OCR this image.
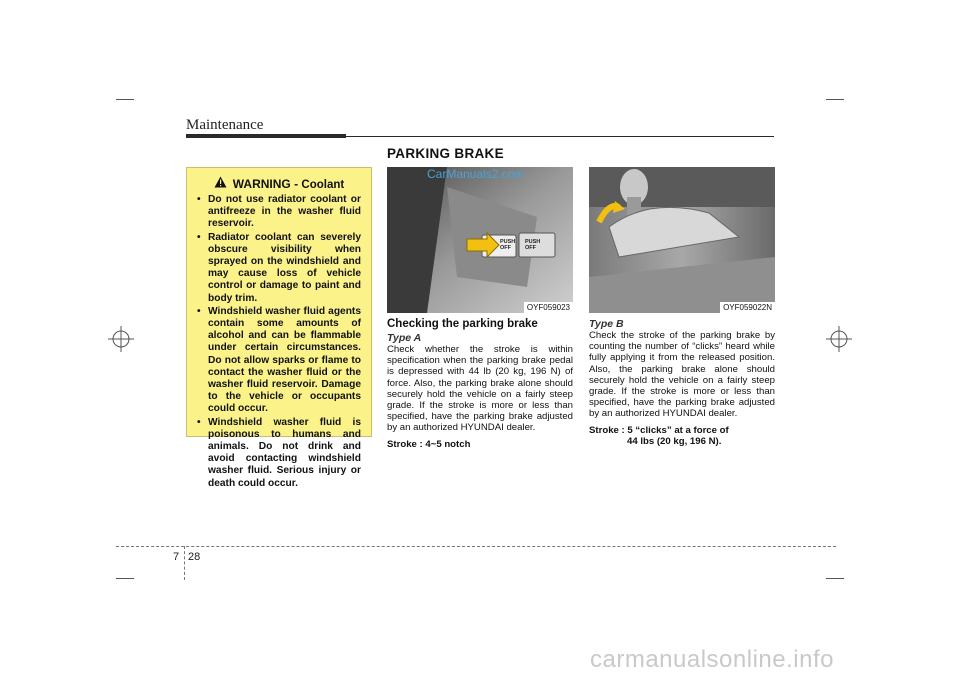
Maintenance
PARKING BRAKE
WARNING - Coolant
• Do not use radiator coolant or antifreeze in the washer fluid reservoir.
• Radiator coolant can severely obscure visibility when sprayed on the windshield and may cause loss of vehicle control or damage to paint and body trim.
• Windshield washer fluid agents contain some amounts of alcohol and can be flammable under certain circumstances. Do not allow sparks or flame to contact the washer fluid or the washer fluid reservoir. Damage to the vehicle or occupants could occur.
• Windshield washer fluid is poisonous to humans and animals. Do not drink and avoid contacting windshield washer fluid. Serious injury or death could occur.
CarManuals2.com
PUSH OFF
PUSH OFF
OYF059023	OYF059022N
Checking the parking brake
Type A
Check whether the stroke is within specification when the parking brake pedal is depressed with 44 lb (20 kg, 196 N) of force. Also, the parking brake alone should securely hold the vehicle on a fairly steep grade. If the stroke is more or less than specified, have the parking brake adjusted by an authorized HYUNDAI dealer.
Stroke : 4~5 notch
Type B
Check the stroke of the parking brake by counting the number of “clicks” heard while fully applying it from the released position. Also, the parking brake alone should securely hold the vehicle on a fairly steep grade. If the stroke is more or less than specified, have the parking brake adjusted by an authorized HYUNDAI dealer.
Stroke : 5 “clicks” at a force of
44 lbs (20 kg, 196 N).
7 28
carmanualsonline.info
